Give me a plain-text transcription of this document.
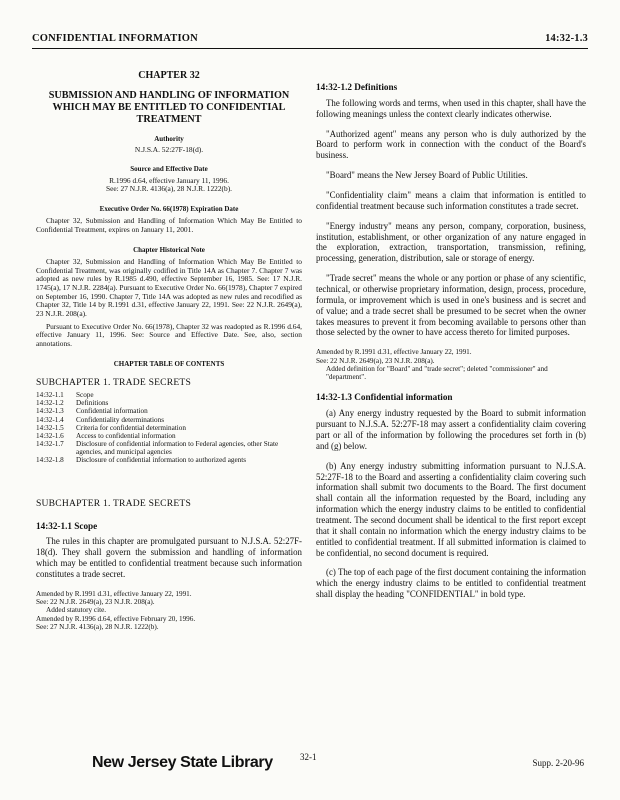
CONFIDENTIAL INFORMATION	14:32-1.3
CHAPTER 32
SUBMISSION AND HANDLING OF INFORMATION WHICH MAY BE ENTITLED TO CONFIDENTIAL TREATMENT
Authority
N.J.S.A. 52:27F-18(d).
Source and Effective Date
R.1996 d.64, effective January 11, 1996.
See: 27 N.J.R. 4136(a), 28 N.J.R. 1222(b).
Executive Order No. 66(1978) Expiration Date
Chapter 32, Submission and Handling of Information Which May Be Entitled to Confidential Treatment, expires on January 11, 2001.
Chapter Historical Note
Chapter 32, Submission and Handling of Information Which May Be Entitled to Confidential Treatment, was originally codified in Title 14A as Chapter 7. Chapter 7 was adopted as new rules by R.1985 d.490, effective September 16, 1985. See: 17 N.J.R. 1745(a), 17 N.J.R. 2284(a). Pursuant to Executive Order No. 66(1978), Chapter 7 expired on September 16, 1990. Chapter 7, Title 14A was adopted as new rules and recodified as Chapter 32, Title 14 by R.1991 d.31, effective January 22, 1991. See: 22 N.J.R. 2649(a), 23 N.J.R. 208(a).
Pursuant to Executive Order No. 66(1978), Chapter 32 was readopted as R.1996 d.64, effective January 11, 1996. See: Source and Effective Date. See, also, section annotations.
CHAPTER TABLE OF CONTENTS
SUBCHAPTER 1. TRADE SECRETS
14:32-1.1	Scope
14:32-1.2	Definitions
14:32-1.3	Confidential information
14:32-1.4	Confidentiality determinations
14:32-1.5	Criteria for confidential determination
14:32-1.6	Access to confidential information
14:32-1.7	Disclosure of confidential information to Federal agencies, other State agencies, and municipal agencies
14:32-1.8	Disclosure of confidential information to authorized agents
SUBCHAPTER 1. TRADE SECRETS
14:32-1.1 Scope
The rules in this chapter are promulgated pursuant to N.J.S.A. 52:27F-18(d). They shall govern the submission and handling of information which may be entitled to confidential treatment because such information constitutes a trade secret.
Amended by R.1991 d.31, effective January 22, 1991.
See: 22 N.J.R. 2649(a), 23 N.J.R. 208(a).
Added statutory cite.
Amended by R.1996 d.64, effective February 20, 1996.
See: 27 N.J.R. 4136(a), 28 N.J.R. 1222(b).
14:32-1.2 Definitions
The following words and terms, when used in this chapter, shall have the following meanings unless the context clearly indicates otherwise.
"Authorized agent" means any person who is duly authorized by the Board to perform work in connection with the conduct of the Board's business.
"Board" means the New Jersey Board of Public Utilities.
"Confidentiality claim" means a claim that information is entitled to confidential treatment because such information constitutes a trade secret.
"Energy industry" means any person, company, corporation, business, institution, establishment, or other organization of any nature engaged in the exploration, extraction, transportation, transmission, refining, processing, generation, distribution, sale or storage of energy.
"Trade secret" means the whole or any portion or phase of any scientific, technical, or otherwise proprietary information, design, process, procedure, formula, or improvement which is used in one's business and is secret and of value; and a trade secret shall be presumed to be secret when the owner takes measures to prevent it from becoming available to persons other than those selected by the owner to have access thereto for limited purposes.
Amended by R.1991 d.31, effective January 22, 1991.
See: 22 N.J.R. 2649(a), 23 N.J.R. 208(a).
Added definition for "Board" and "trade secret"; deleted "commissioner" and "department".
14:32-1.3 Confidential information
(a) Any energy industry requested by the Board to submit information pursuant to N.J.S.A. 52:27F-18 may assert a confidentiality claim covering part or all of the information by following the procedures set forth in (b) and (g) below.
(b) Any energy industry submitting information pursuant to N.J.S.A. 52:27F-18 to the Board and asserting a confidentiality claim covering such information shall submit two documents to the Board. The first document shall contain all the information requested by the Board, including any information which the energy industry claims to be entitled to confidential treatment. The second document shall be identical to the first report except that it shall contain no information which the energy industry claims to be entitled to confidential treatment. If all submitted information is claimed to be confidential, no second document is required.
(c) The top of each page of the first document containing the information which the energy industry claims to be entitled to confidential treatment shall display the heading "CONFIDENTIAL" in bold type.
New Jersey State Library	32-1
Supp. 2-20-96
